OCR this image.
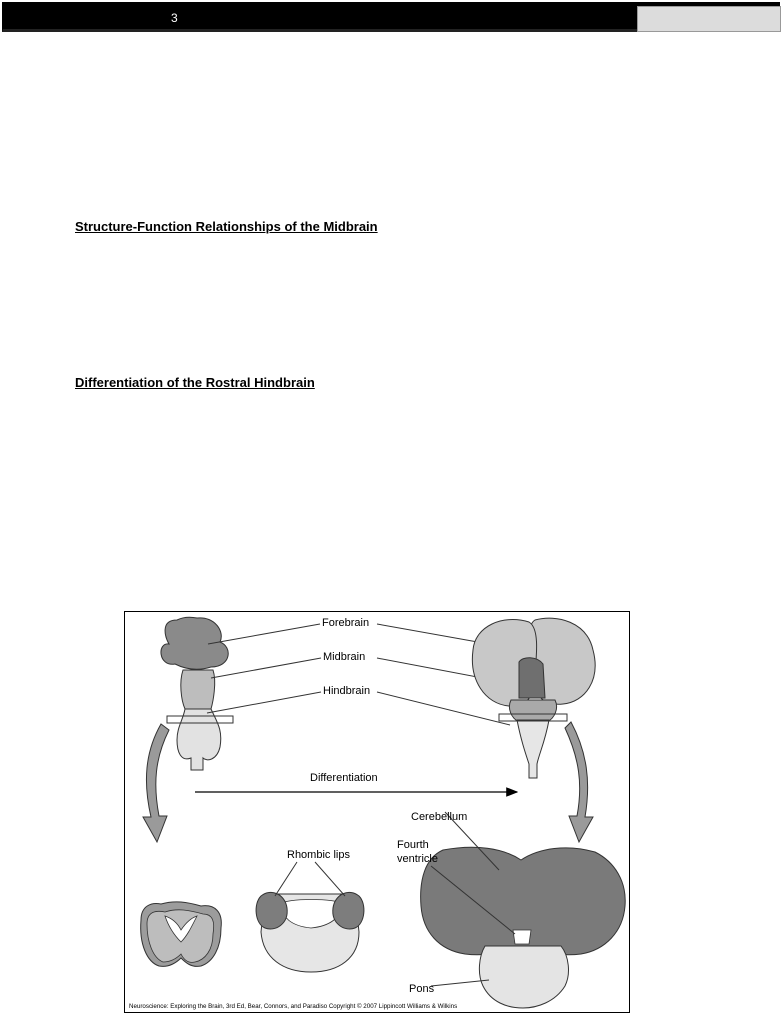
3
Structure-Function Relationships of the Midbrain
Differentiation of the Rostral Hindbrain
Forebrain
Midbrain
Hindbrain
Differentiation
Rhombic lips
Cerebellum
Fourth
ventricle
Pons
Neuroscience: Exploring the Brain, 3rd Ed, Bear, Connors, and Paradiso Copyright © 2007 Lippincott Williams & Wilkins
